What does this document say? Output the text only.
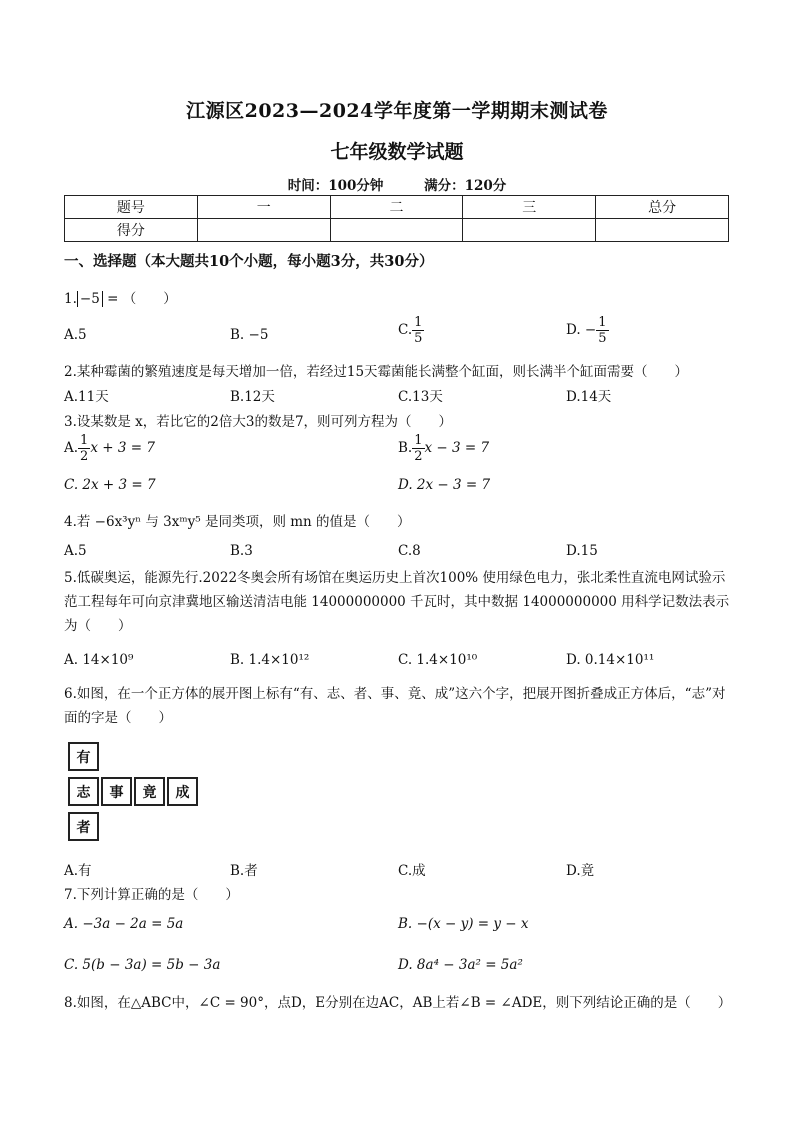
江源区2023—2024学年度第一学期期末测试卷
七年级数学试题
时间：100分钟	满分：120分
题号	一	二	三	总分
得分				
一、选择题（本大题共10个小题，每小题3分，共30分）
1. −5 = （　　）
A.5	B. −5	C. $\frac{1}{5}$	D. − $\frac{1}{5}$
2.某种霉菌的繁殖速度是每天增加一倍，若经过15天霉菌能长满整个缸面，则长满半个缸面需要（　　）
A.11天	B.12天	C.13天	D.14天
3.设某数是 x，若比它的2倍大3的数是7，则可列方程为（　　）
A. $\frac{1}{2}$ x + 3 = 7	B. $\frac{1}{2}$ x − 3 = 7
C. 2x + 3 = 7	D. 2x − 3 = 7
4.若 −6x³yⁿ 与 3xᵐy⁵ 是同类项，则 mn 的值是（　　）
A.5	B.3	C.8	D.15
5.低碳奥运，能源先行.2022冬奥会所有场馆在奥运历史上首次100% 使用绿色电力，张北柔性直流电网试验示范工程每年可向京津冀地区输送清洁电能 14000000000 千瓦时，其中数据 14000000000 用科学记数法表示为（　　）
A. 14×10⁹	B. 1.4×10¹²	C. 1.4×10¹⁰	D. 0.14×10¹¹
6.如图，在一个正方体的展开图上标有“有、志、者、事、竟、成”这六个字，把展开图折叠成正方体后，“志”对面的字是（　　）
有
志	事	竟	成
者
A.有	B.者	C.成	D.竟
7.下列计算正确的是（　　）
A. −3a − 2a = 5a	B. −(x − y) = y − x
C. 5(b − 3a) = 5b − 3a	D. 8a⁴ − 3a² = 5a²
8.如图，在△ABC中，∠C = 90°，点D，E分别在边AC，AB上若∠B = ∠ADE，则下列结论正确的是（　　）
